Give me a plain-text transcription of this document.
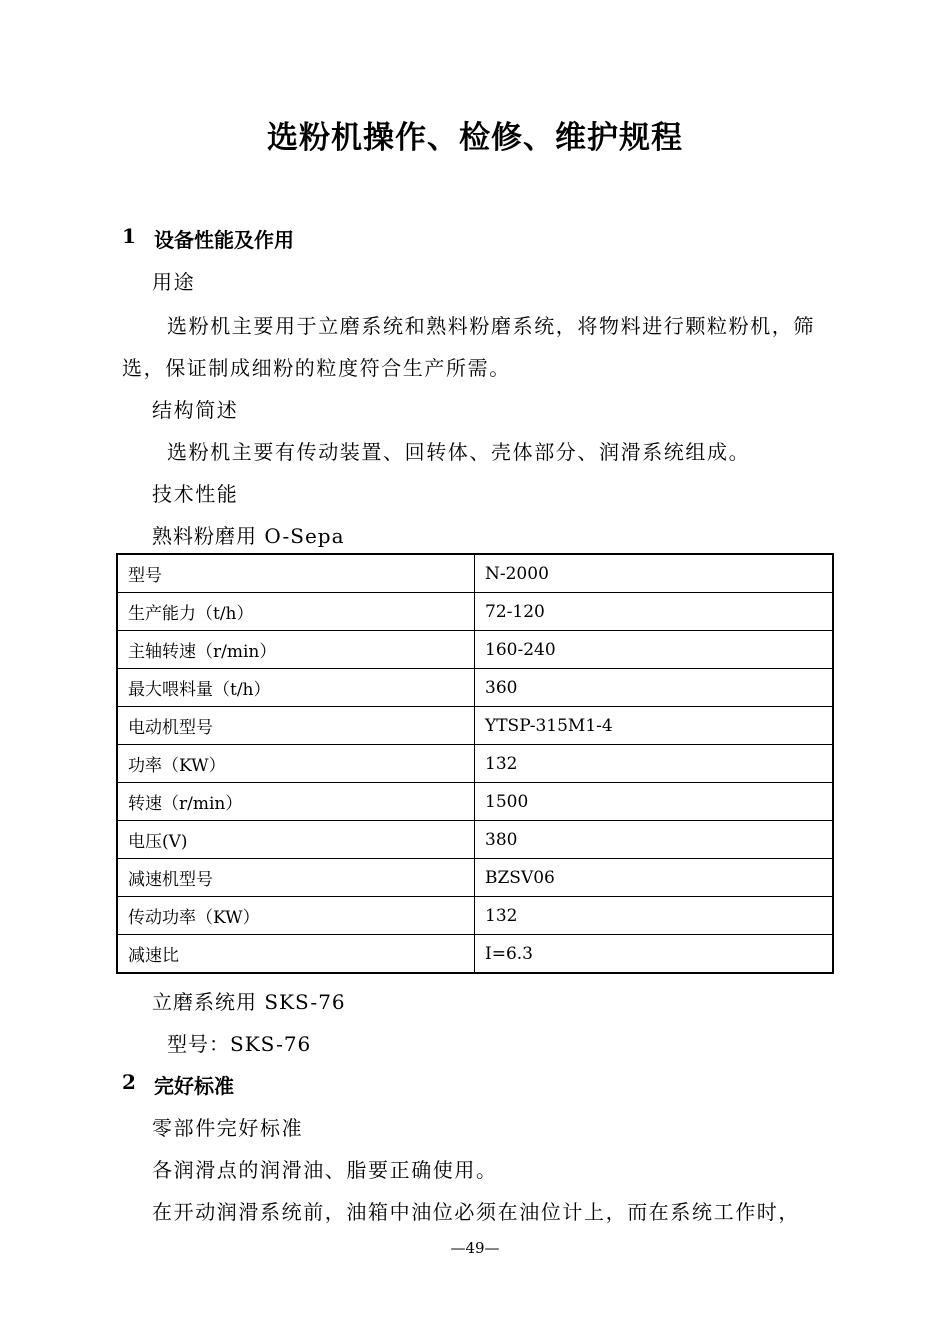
选粉机操作、检修、维护规程
1 设备性能及作用
用途
选粉机主要用于立磨系统和熟料粉磨系统，将物料进行颗粒粉机，筛
选，保证制成细粉的粒度符合生产所需。
结构简述
选粉机主要有传动装置、回转体、壳体部分、润滑系统组成。
技术性能
熟料粉磨用 O-Sepa
型号	N-2000
生产能力（t/h）	72-120
主轴转速（r/min）	160-240
最大喂料量（t/h）	360
电动机型号	YTSP-315M1-4
功率（KW）	132
转速（r/min）	1500
电压(V)	380
减速机型号	BZSV06
传动功率（KW）	132
减速比	I=6.3
立磨系统用 SKS-76
型号：SKS-76
2 完好标准
零部件完好标准
各润滑点的润滑油、脂要正确使用。
在开动润滑系统前，油箱中油位必须在油位计上，而在系统工作时，
—49—
